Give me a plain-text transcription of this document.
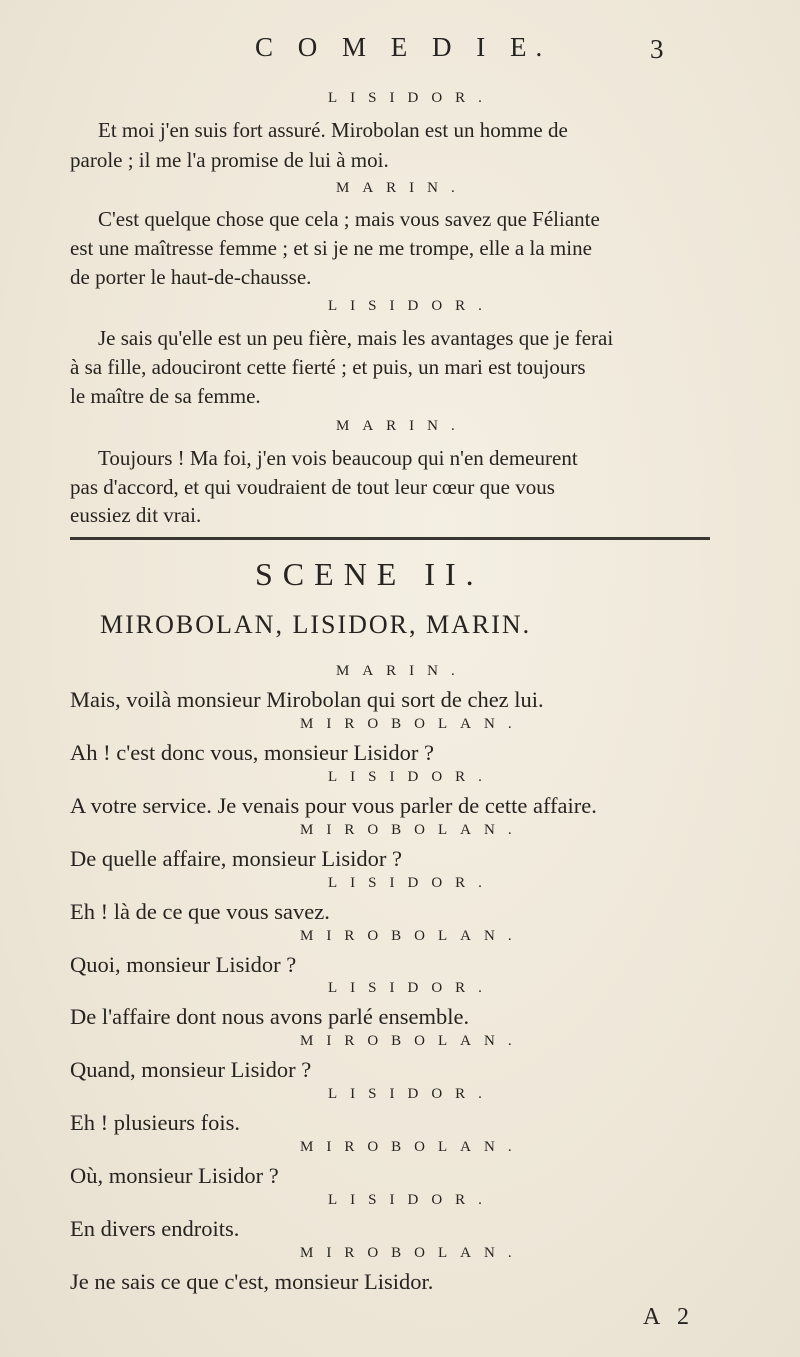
C O M E D I E.	3
LISIDOR.
Et moi j'en suis fort assuré. Mirobolan est un homme de
parole ; il me l'a promise de lui à moi.
MARIN.
C'est quelque chose que cela ; mais vous savez que Féliante
est une maîtresse femme ; et si je ne me trompe, elle a la mine
de porter le haut-de-chausse.
LISIDOR.
Je sais qu'elle est un peu fière, mais les avantages que je ferai
à sa fille, adouciront cette fierté ; et puis, un mari est toujours
le maître de sa femme.
MARIN.
Toujours ! Ma foi, j'en vois beaucoup qui n'en demeurent
pas d'accord, et qui voudraient de tout leur cœur que vous
eussiez dit vrai.
SCENE II.
MIROBOLAN, LISIDOR, MARIN.
MARIN.
Mais, voilà monsieur Mirobolan qui sort de chez lui.
MIROBOLAN.
Ah ! c'est donc vous, monsieur Lisidor ?
LISIDOR.
A votre service. Je venais pour vous parler de cette affaire.
MIROBOLAN.
De quelle affaire, monsieur Lisidor ?
LISIDOR.
Eh ! là de ce que vous savez.
MIROBOLAN.
Quoi, monsieur Lisidor ?
LISIDOR.
De l'affaire dont nous avons parlé ensemble.
MIROBOLAN.
Quand, monsieur Lisidor ?
LISIDOR.
Eh ! plusieurs fois.
MIROBOLAN.
Où, monsieur Lisidor ?
LISIDOR.
En divers endroits.
Je ne sais ce que c'est, monsieur Lisidor.
MIROBOLAN.
A 2
